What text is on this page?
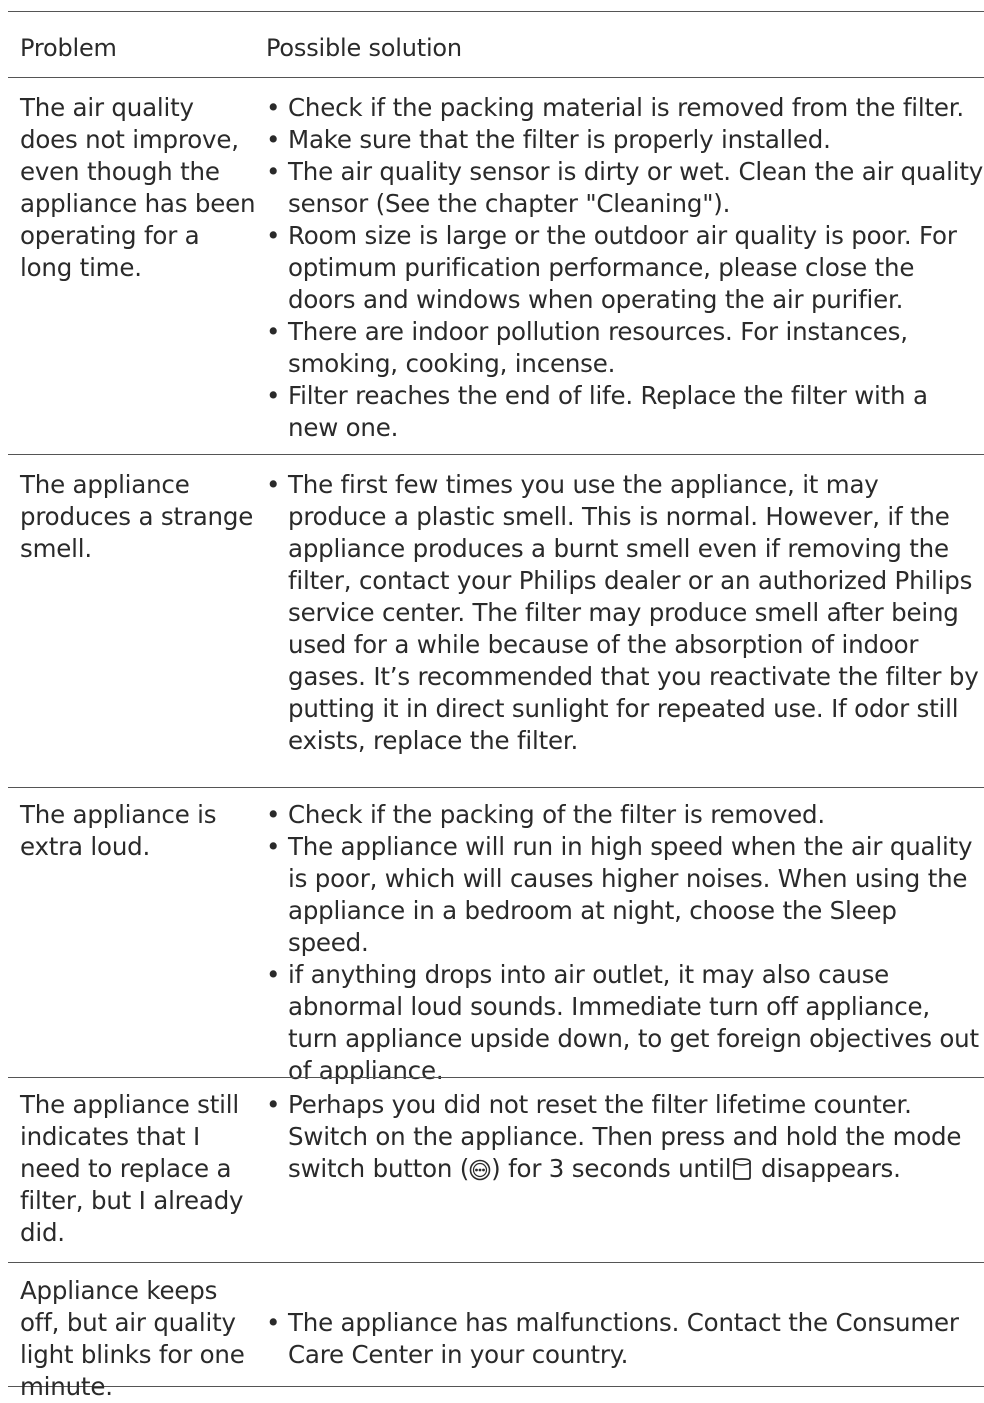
Problem	Possible solution
The air quality does not improve, even though the appliance has been operating for a long time.
• Check if the packing material is removed from the filter.
• Make sure that the filter is properly installed.
• The air quality sensor is dirty or wet. Clean the air quality sensor (See the chapter "Cleaning").
• Room size is large or the outdoor air quality is poor. For optimum purification performance, please close the doors and windows when operating the air purifier.
• There are indoor pollution resources. For instances, smoking, cooking, incense.
• Filter reaches the end of life. Replace the filter with a new one.
The appliance produces a strange smell.
• The first few times you use the appliance, it may produce a plastic smell. This is normal. However, if the appliance produces a burnt smell even if removing the filter, contact your Philips dealer or an authorized Philips service center. The filter may produce smell after being used for a while because of the absorption of indoor gases. It’s recommended that you reactivate the filter by putting it in direct sunlight for repeated use. If odor still exists, replace the filter.
The appliance is extra loud.
• Check if the packing of the filter is removed.
• The appliance will run in high speed when the air quality is poor, which will causes higher noises. When using the appliance in a bedroom at night, choose the Sleep speed.
• if anything drops into air outlet, it may also cause abnormal loud sounds. Immediate turn off appliance, turn appliance upside down, to get foreign objectives out of appliance.
The appliance still indicates that I need to replace a filter, but I already did.
• Perhaps you did not reset the filter lifetime counter. Switch on the appliance. Then press and hold the mode switch button ( ) for 3 seconds until disappears.
Appliance keeps off, but air quality light blinks for one minute.
• The appliance has malfunctions. Contact the Consumer Care Center in your country.
